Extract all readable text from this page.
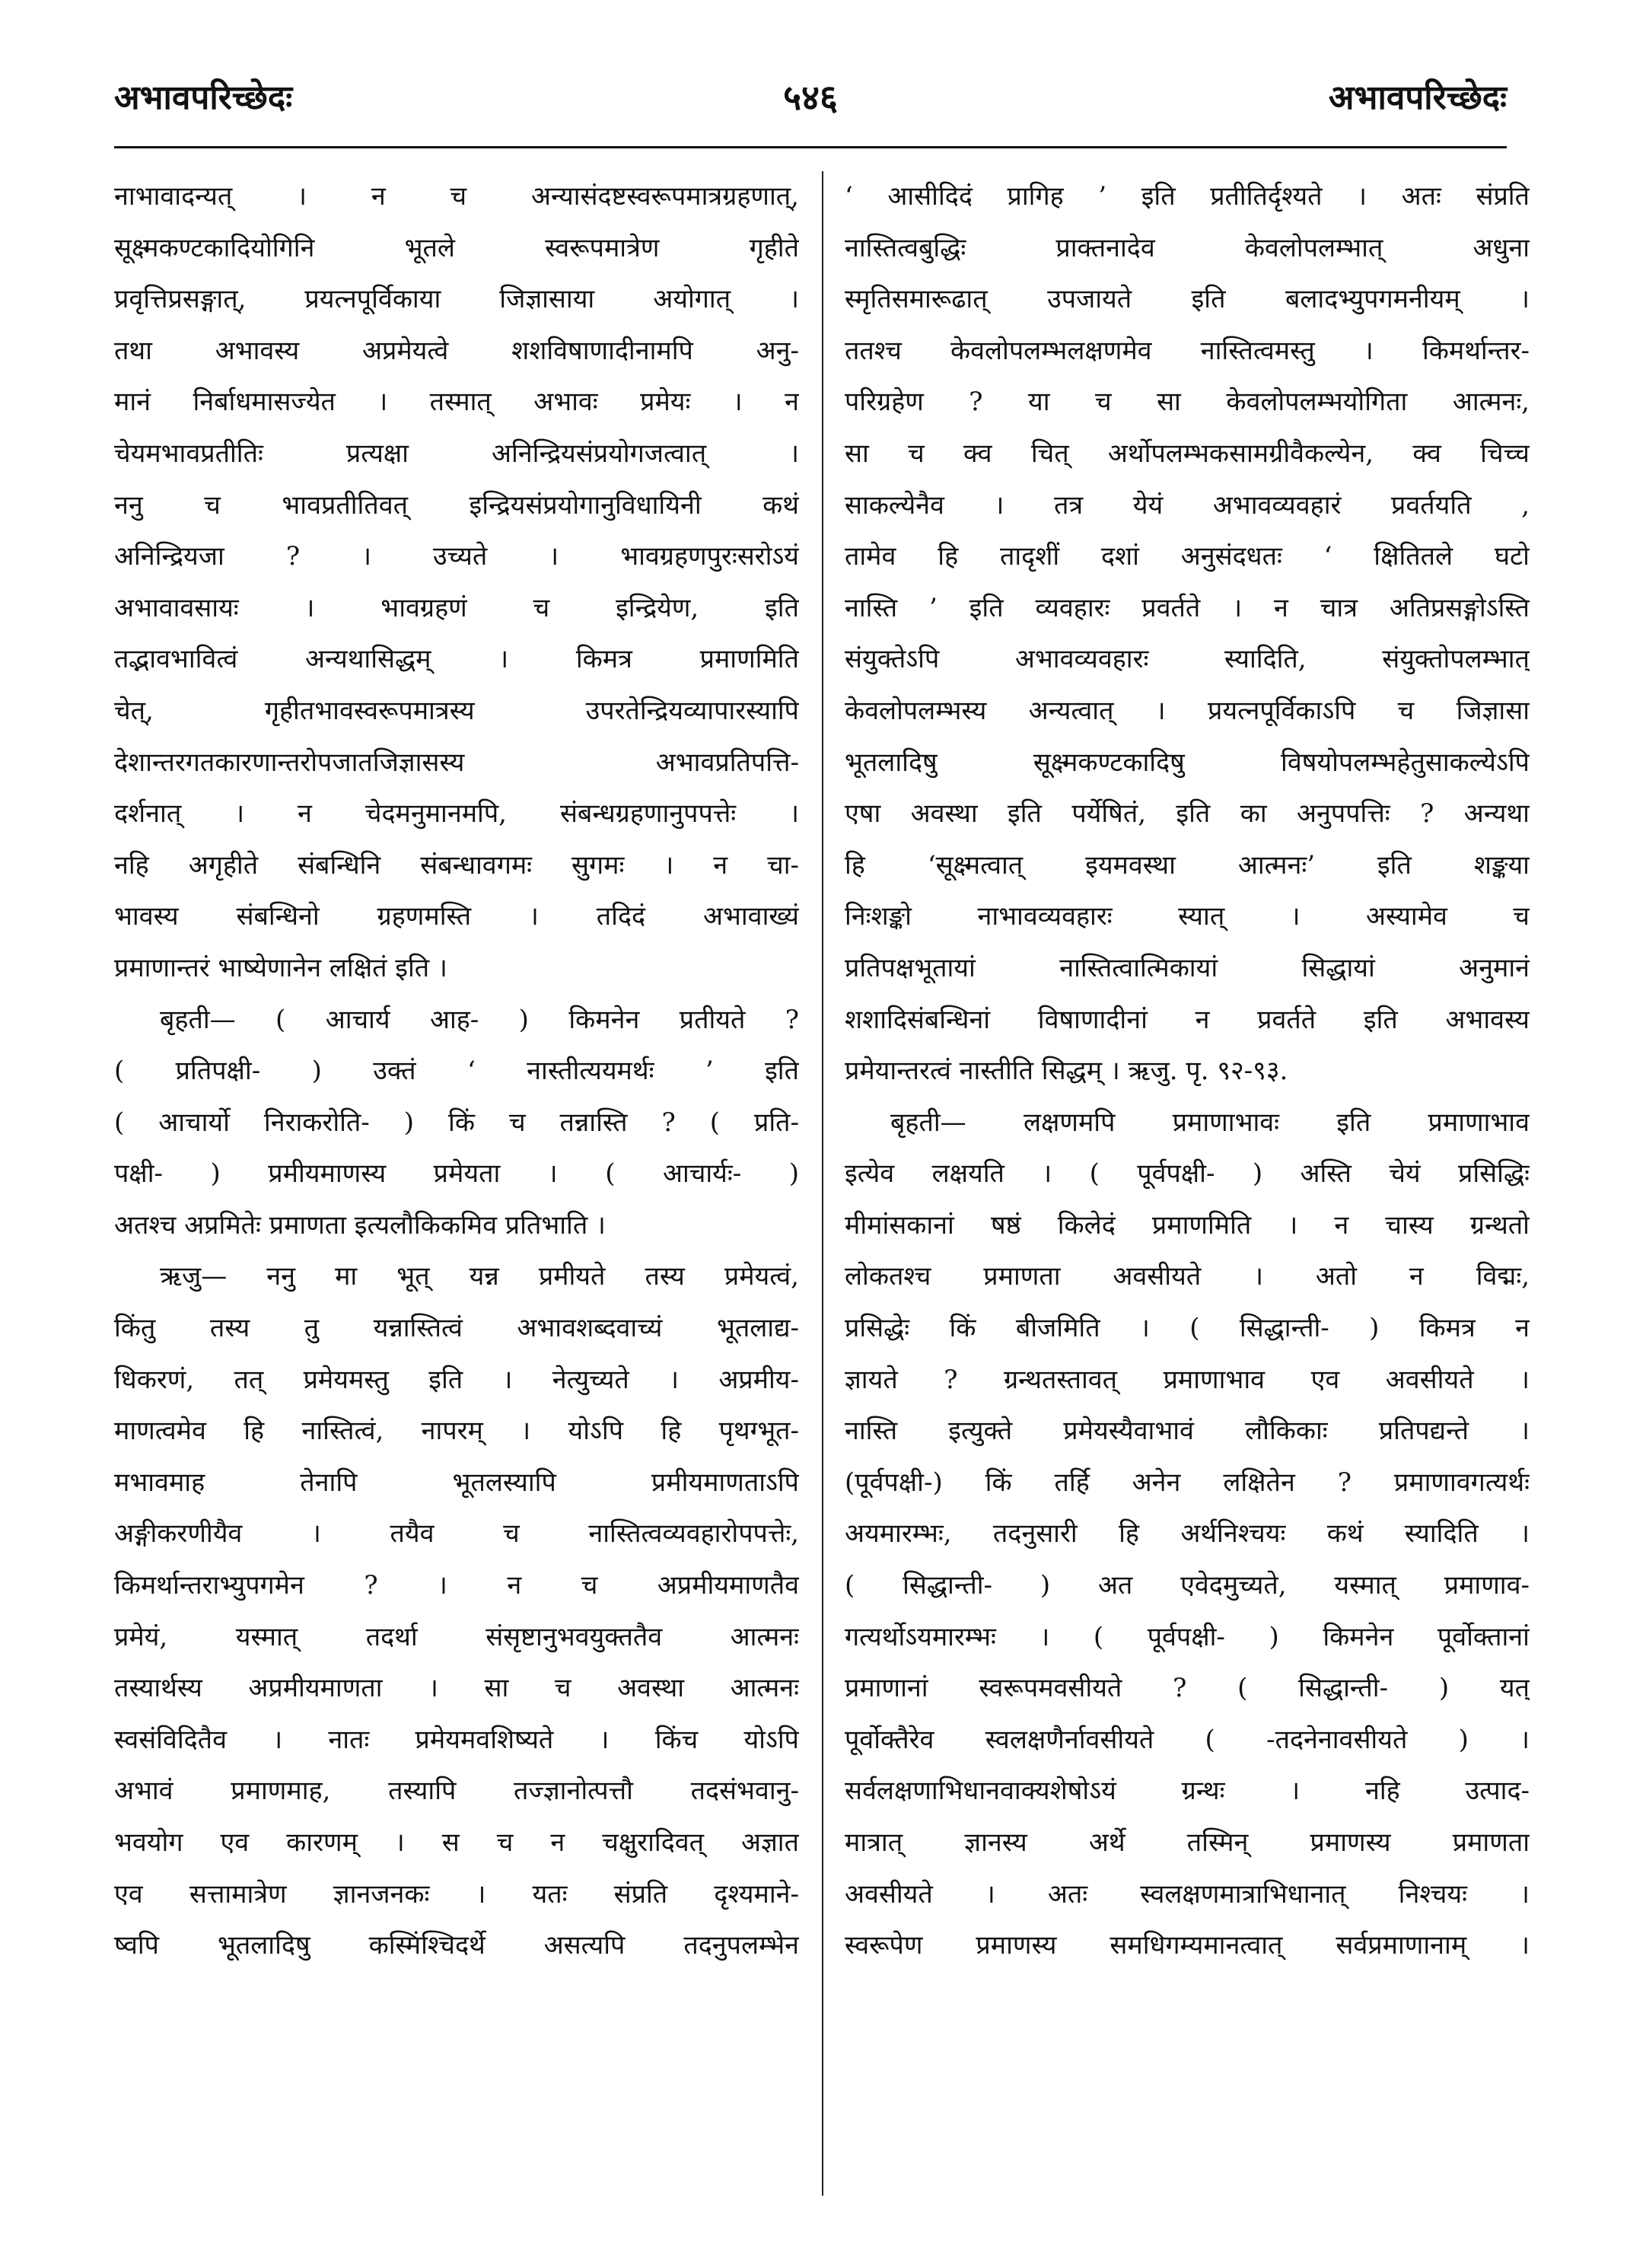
अभावपरिच्छेदः	५४६	अभावपरिच्छेदः
नाभावादन्यत् । न च अन्यासंदष्टस्वरूपमात्रग्रहणात्,
सूक्ष्मकण्टकादियोगिनि भूतले स्वरूपमात्रेण गृहीते
प्रवृत्तिप्रसङ्गात्, प्रयत्नपूर्विकाया जिज्ञासाया अयोगात् ।
तथा अभावस्य अप्रमेयत्वे शशविषाणादीनामपि अनु-
मानं निर्बाधमासज्येत । तस्मात् अभावः प्रमेयः । न
चेयमभावप्रतीतिः प्रत्यक्षा अनिन्द्रियसंप्रयोगजत्वात् ।
ननु च भावप्रतीतिवत् इन्द्रियसंप्रयोगानुविधायिनी कथं
अनिन्द्रियजा ? । उच्यते । भावग्रहणपुरःसरोऽयं
अभावावसायः । भावग्रहणं च इन्द्रियेण, इति
तद्भावभावित्वं अन्यथासिद्धम् । किमत्र प्रमाणमिति
चेत्, गृहीतभावस्वरूपमात्रस्य उपरतेन्द्रियव्यापारस्यापि
देशान्तरगतकारणान्तरोपजातजिज्ञासस्य अभावप्रतिपत्ति-
दर्शनात् । न चेदमनुमानमपि, संबन्धग्रहणानुपपत्तेः ।
नहि अगृहीते संबन्धिनि संबन्धावगमः सुगमः । न चा-
भावस्य संबन्धिनो ग्रहणमस्ति । तदिदं अभावाख्यं
प्रमाणान्तरं भाष्येणानेन लक्षितं इति ।
बृहती— ( आचार्य आह- ) किमनेन प्रतीयते ?
( प्रतिपक्षी- ) उक्तं ‘ नास्तीत्ययमर्थः ’ इति
( आचार्यो निराकरोति- ) किं च तन्नास्ति ? ( प्रति-
पक्षी- ) प्रमीयमाणस्य प्रमेयता । ( आचार्यः- )
अतश्च अप्रमितेः प्रमाणता इत्यलौकिकमिव प्रतिभाति ।
ऋजु— ननु मा भूत् यन्न प्रमीयते तस्य प्रमेयत्वं,
किंतु तस्य तु यन्नास्तित्वं अभावशब्दवाच्यं भूतलाद्य-
धिकरणं, तत् प्रमेयमस्तु इति । नेत्युच्यते । अप्रमीय-
माणत्वमेव हि नास्तित्वं, नापरम् । योऽपि हि पृथग्भूत-
मभावमाह तेनापि भूतलस्यापि प्रमीयमाणताऽपि
अङ्गीकरणीयैव । तयैव च नास्तित्वव्यवहारोपपत्तेः,
किमर्थान्तराभ्युपगमेन ? । न च अप्रमीयमाणतैव
प्रमेयं, यस्मात् तदर्था संसृष्टानुभवयुक्ततैव आत्मनः
तस्यार्थस्य अप्रमीयमाणता । सा च अवस्था आत्मनः
स्वसंविदितैव । नातः प्रमेयमवशिष्यते । किंच योऽपि
अभावं प्रमाणमाह, तस्यापि तज्ज्ञानोत्पत्तौ तदसंभवानु-
भवयोग एव कारणम् । स च न चक्षुरादिवत् अज्ञात
एव सत्तामात्रेण ज्ञानजनकः । यतः संप्रति दृश्यमाने-
ष्वपि भूतलादिषु कस्मिंश्चिदर्थे असत्यपि तदनुपलम्भेन
‘ आसीदिदं प्रागिह ’ इति प्रतीतिर्दृश्यते । अतः संप्रति
नास्तित्वबुद्धिः प्राक्तनादेव केवलोपलम्भात् अधुना
स्मृतिसमारूढात् उपजायते इति बलादभ्युपगमनीयम् ।
ततश्च केवलोपलम्भलक्षणमेव नास्तित्वमस्तु । किमर्थान्तर-
परिग्रहेण ? या च सा केवलोपलम्भयोगिता आत्मनः,
सा च क्व चित् अर्थोपलम्भकसामग्रीवैकल्येन, क्व चिच्च
साकल्येनैव । तत्र येयं अभावव्यवहारं प्रवर्तयति ,
तामेव हि तादृशीं दशां अनुसंदधतः ‘ क्षितितले घटो
नास्ति ’ इति व्यवहारः प्रवर्तते । न चात्र अतिप्रसङ्गोऽस्ति
संयुक्तेऽपि अभावव्यवहारः स्यादिति, संयुक्तोपलम्भात्
केवलोपलम्भस्य अन्यत्वात् । प्रयत्नपूर्विकाऽपि च जिज्ञासा
भूतलादिषु सूक्ष्मकण्टकादिषु विषयोपलम्भहेतुसाकल्येऽपि
एषा अवस्था इति पर्येषितं, इति का अनुपपत्तिः ? अन्यथा
हि ‘सूक्ष्मत्वात् इयमवस्था आत्मनः’ इति शङ्कया
निःशङ्को नाभावव्यवहारः स्यात् । अस्यामेव च
प्रतिपक्षभूतायां नास्तित्वात्मिकायां सिद्धायां अनुमानं
शशादिसंबन्धिनां विषाणादीनां न प्रवर्तते इति अभावस्य
प्रमेयान्तरत्वं नास्तीति सिद्धम् । ऋजु. पृ. ९२-९३.
बृहती— लक्षणमपि प्रमाणाभावः इति प्रमाणाभाव
इत्येव लक्षयति । ( पूर्वपक्षी- ) अस्ति चेयं प्रसिद्धिः
मीमांसकानां षष्ठं किलेदं प्रमाणमिति । न चास्य ग्रन्थतो
लोकतश्च प्रमाणता अवसीयते । अतो न विद्मः,
प्रसिद्धेः किं बीजमिति । ( सिद्धान्ती- ) किमत्र न
ज्ञायते ? ग्रन्थतस्तावत् प्रमाणाभाव एव अवसीयते ।
नास्ति इत्युक्ते प्रमेयस्यैवाभावं लौकिकाः प्रतिपद्यन्ते ।
(पूर्वपक्षी-) किं तर्हि अनेन लक्षितेन ? प्रमाणावगत्यर्थः
अयमारम्भः, तदनुसारी हि अर्थनिश्चयः कथं स्यादिति ।
( सिद्धान्ती- ) अत एवेदमुच्यते, यस्मात् प्रमाणाव-
गत्यर्थोऽयमारम्भः । ( पूर्वपक्षी- ) किमनेन पूर्वोक्तानां
प्रमाणानां स्वरूपमवसीयते ? ( सिद्धान्ती- ) यत्
पूर्वोक्तैरेव स्वलक्षणैर्नावसीयते ( -तदनेनावसीयते ) ।
सर्वलक्षणाभिधानवाक्यशेषोऽयं ग्रन्थः । नहि उत्पाद-
मात्रात् ज्ञानस्य अर्थे तस्मिन् प्रमाणस्य प्रमाणता
अवसीयते । अतः स्वलक्षणमात्राभिधानात् निश्चयः ।
स्वरूपेण प्रमाणस्य समधिगम्यमानत्वात् सर्वप्रमाणानाम् ।
